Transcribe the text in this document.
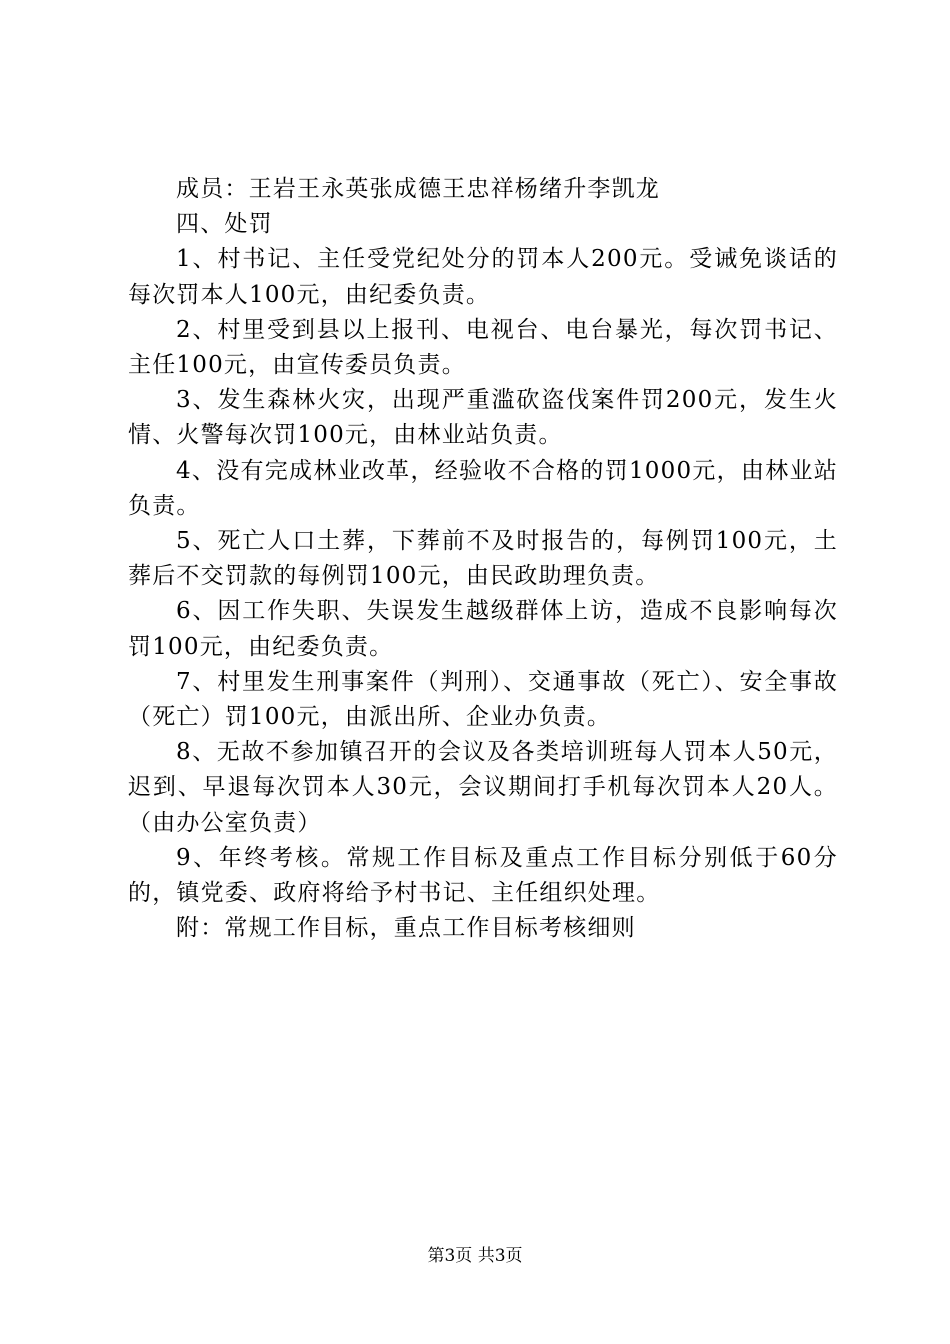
成员：王岩王永英张成德王忠祥杨绪升李凯龙

四、处罚

1、村书记、主任受党纪处分的罚本人200元。受诫免谈话的每次罚本人100元，由纪委负责。

2、村里受到县以上报刊、电视台、电台暴光，每次罚书记、主任100元，由宣传委员负责。

3、发生森林火灾，出现严重滥砍盗伐案件罚200元，发生火情、火警每次罚100元，由林业站负责。

4、没有完成林业改革，经验收不合格的罚1000元，由林业站负责。

5、死亡人口土葬，下葬前不及时报告的，每例罚100元，土葬后不交罚款的每例罚100元，由民政助理负责。

6、因工作失职、失误发生越级群体上访，造成不良影响每次罚100元，由纪委负责。

7、村里发生刑事案件（判刑）、交通事故（死亡）、安全事故（死亡）罚100元，由派出所、企业办负责。

8、无故不参加镇召开的会议及各类培训班每人罚本人50元，迟到、早退每次罚本人30元，会议期间打手机每次罚本人20人。（由办公室负责）

9、年终考核。常规工作目标及重点工作目标分别低于60分的，镇党委、政府将给予村书记、主任组织处理。

附：常规工作目标，重点工作目标考核细则

第3页 共3页
